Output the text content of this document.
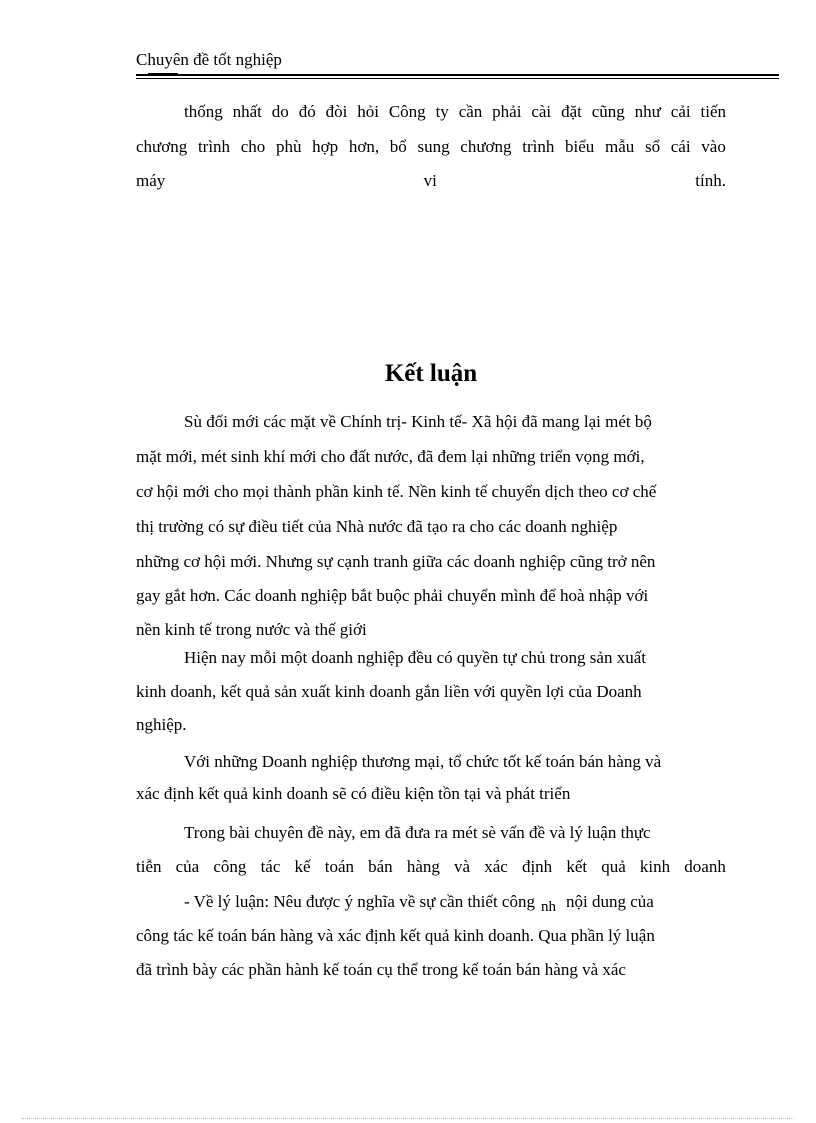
Chuyên đề tốt nghiệp
thống nhất do đó đòi hỏi Công ty cần phải cài đặt cũng như cải tiến
chương trình cho phù hợp hơn, bổ sung chương trình biểu mẫu sổ cái vào
máy	vi	tính.
Kết luận
Sù đổi mới các mặt về Chính trị- Kinh tế- Xã hội đã mang lại mét bộ
mặt mới, mét sinh khí mới cho đất nước, đã đem lại những triển vọng mới,
cơ hội mới cho mọi thành phần kinh tế. Nền kinh tế chuyển dịch theo cơ chế
thị trường có sự điều tiết của Nhà nước đã tạo ra cho các doanh nghiệp
những cơ hội mới. Nhưng sự cạnh tranh giữa các doanh nghiệp cũng trở nên
gay gắt hơn. Các doanh nghiệp bắt buộc phải chuyển mình để hoà nhập với
nền kinh tế trong nước và thế giới
Hiện nay mỗi một doanh nghiệp đều có quyền tự chủ trong sản xuất
kinh doanh, kết quả sản xuất kinh doanh gắn liền với quyền lợi của Doanh
nghiệp.
Với những Doanh nghiệp thương mại, tổ chức tốt kế toán bán hàng và
xác định kết quả kinh doanh sẽ có điều kiện tồn tại và phát triển
Trong bài chuyên đề này, em đã đưa ra mét sè vấn đề và lý luận thực
tiễn của công tác kế toán bán hàng và xác định kết quả kinh doanh
- Về lý luận: Nêu được ý nghĩa về sự cần thiết công nh nội dung của
công tác kế toán bán hàng và xác định kết quả kinh doanh. Qua phần lý luận
đã trình bày các phần hành kế toán cụ thể trong kế toán bán hàng và xác
